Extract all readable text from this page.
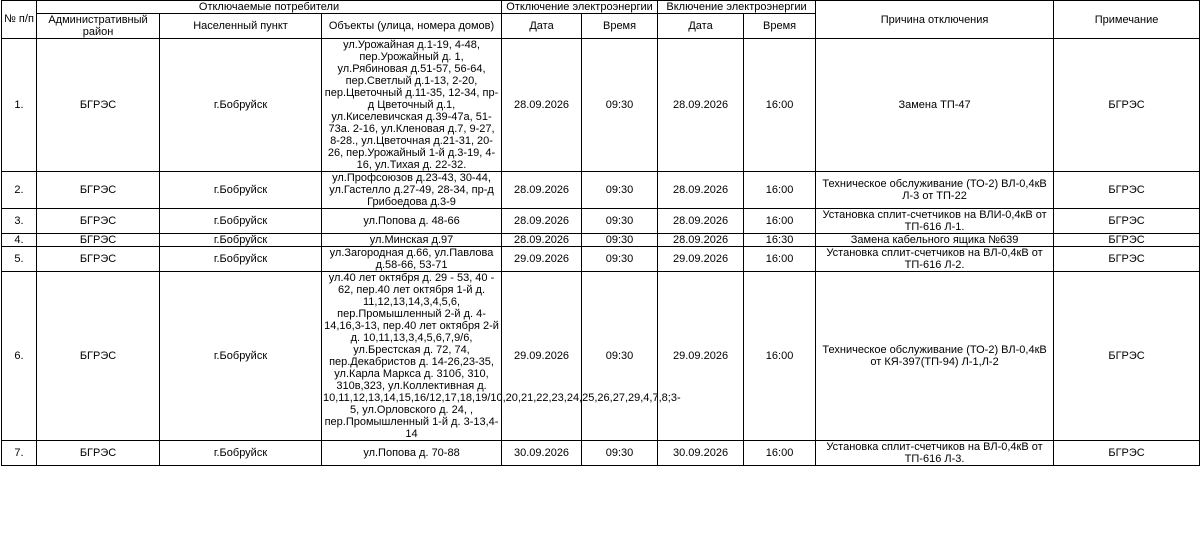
№ п/п	Отключаемые потребители			Отключение электроэнергии		Включение электроэнергии		Причина отключения	Примечание
	Административный район	Населенный пункт	Объекты (улица, номера домов)	Дата	Время	Дата	Время		
1.	БГРЭС	г.Бобруйск	ул.Урожайная д.1-19, 4-48, пер.Урожайный д. 1, ул.Рябиновая д.51-57, 56-64, пер.Светлый д.1-13, 2-20, пер.Цветочный д.11-35, 12-34, пр-д Цветочный д.1, ул.Киселевичская д.39-47а, 51-73а. 2-16, ул.Кленовая д.7, 9-27, 8-28., ул.Цветочная д.21-31, 20-26, пер.Урожайный 1-й д.3-19, 4-16, ул.Тихая д. 22-32.	28.09.2026	09:30	28.09.2026	16:00	Замена ТП-47	БГРЭС
2.	БГРЭС	г.Бобруйск	ул.Профсоюзов д.23-43, 30-44, ул.Гастелло д.27-49, 28-34, пр-д Грибоедова д.3-9	28.09.2026	09:30	28.09.2026	16:00	Техническое обслуживание (ТО-2) ВЛ-0,4кВ Л-3 от ТП-22	БГРЭС
3.	БГРЭС	г.Бобруйск	ул.Попова д. 48-66	28.09.2026	09:30	28.09.2026	16:00	Установка сплит-счетчиков на ВЛИ-0,4кВ от ТП-616 Л-1.	БГРЭС
4.	БГРЭС	г.Бобруйск	ул.Минская д.97	28.09.2026	09:30	28.09.2026	16:30	Замена кабельного ящика №639	БГРЭС
5.	БГРЭС	г.Бобруйск	ул.Загородная д.66, ул.Павлова д.58-66, 53-71	29.09.2026	09:30	29.09.2026	16:00	Установка сплит-счетчиков на ВЛ-0,4кВ от ТП-616 Л-2.	БГРЭС
6.	БГРЭС	г.Бобруйск	ул.40 лет октября д. 29 - 53, 40 - 62, пер.40 лет октября 1-й д. 11,12,13,14,3,4,5,6, пер.Промышленный 2-й д. 4-14,16,3-13, пер.40 лет октября 2-й д. 10,11,13,3,4,5,6,7,9/6, ул.Брестская д. 72, 74, пер.Декабристов д. 14-26,23-35, ул.Карла Маркса д. 310б, 310, 310в,323, ул.Коллективная д. 10,11,12,13,14,15,16/12,17,18,19/10,20,21,22,23,24,25,26,27,29,4,7,8;3-5, ул.Орловского д. 24, , пер.Промышленный 1-й д. 3-13,4-14	29.09.2026	09:30	29.09.2026	16:00	Техническое обслуживание (ТО-2) ВЛ-0,4кВ от КЯ-397(ТП-94) Л-1,Л-2	БГРЭС
7.	БГРЭС	г.Бобруйск	ул.Попова д. 70-88	30.09.2026	09:30	30.09.2026	16:00	Установка сплит-счетчиков на ВЛ-0,4кВ от ТП-616 Л-3.	БГРЭС
